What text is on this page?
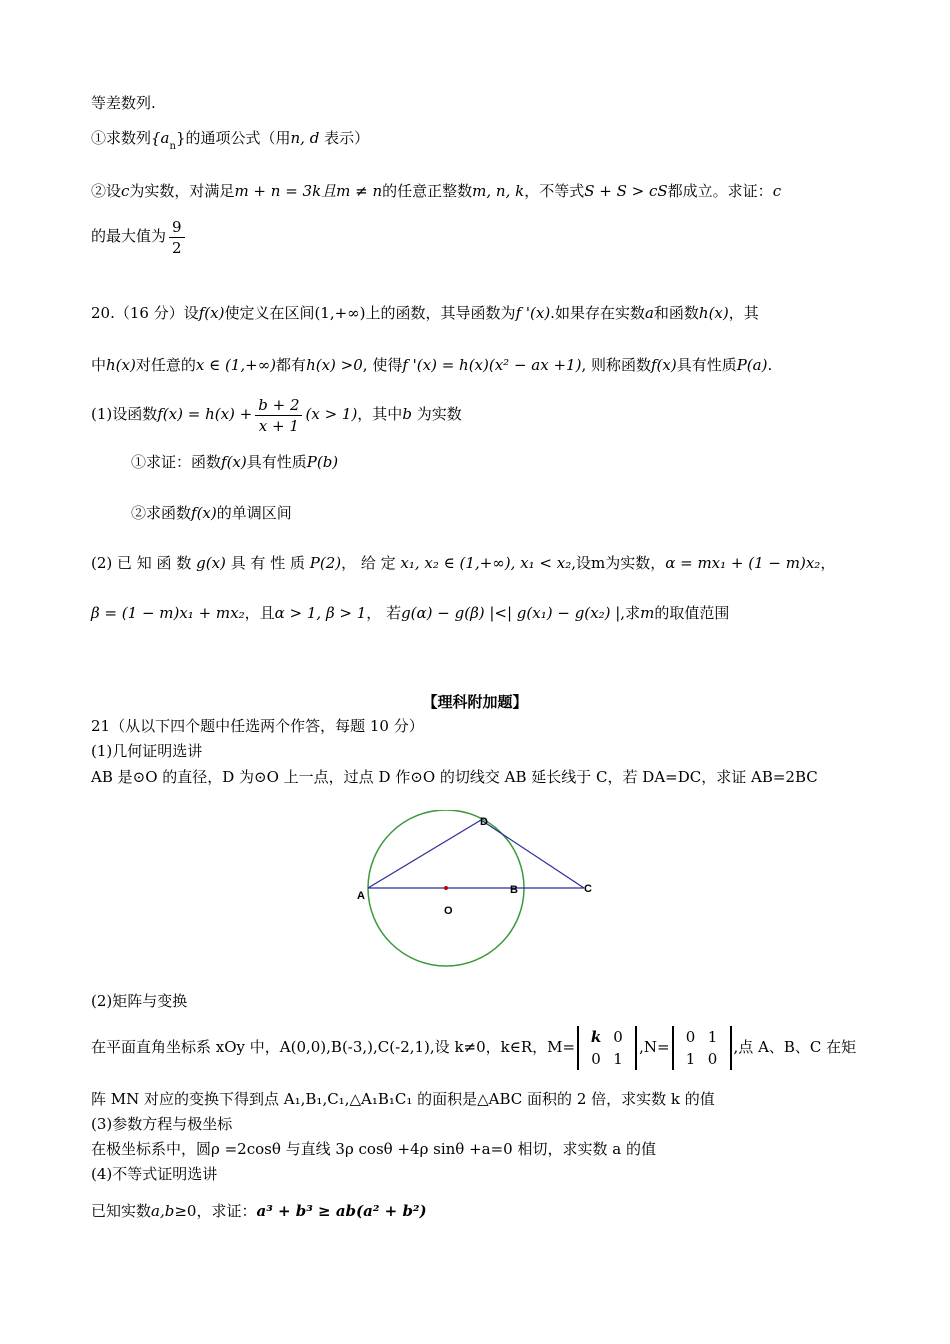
等差数列.
①求数列$\{a_n\}$的通项公式（用n, d 表示）
②设c为实数，对满足m + n = 3k且m ≠ n的任意正整数m, n, k，不等式S + S > cS都成立。求证：c
的最大值为 $\frac{9}{2}$
20.（16 分）设f(x)使定义在区间(1,+∞)上的函数，其导函数为f '(x).如果存在实数a和函数h(x)，其
中h(x)对任意的x ∈ (1,+∞)都有h(x) >0, 使得f '(x) = h(x)(x² − ax +1), 则称函数f(x)具有性质P(a).
(1)设函数$f(x) = h(x) + \frac{b + 2}{x + 1} (x > 1)$，其中b 为实数
①求证：函数f(x)具有性质P(b)
②求函数f(x)的单调区间
(2) 已 知 函 数 g(x) 具 有 性 质 P(2)， 给 定 x₁, x₂ ∈ (1,+∞), x₁ < x₂,设m为实数，α = mx₁ + (1 − m)x₂，
β = (1 − m)x₁ + mx₂，且α > 1, β > 1， 若g(α) − g(β) |<| g(x₁) − g(x₂) |,求m的取值范围
【理科附加题】
21（从以下四个题中任选两个作答，每题 10 分）
(1)几何证明选讲
AB 是⊙O 的直径，D 为⊙O 上一点，过点 D 作⊙O 的切线交 AB 延长线于 C，若 DA=DC，求证 AB=2BC
A	B	C
D
O
(2)矩阵与变换
在平面直角坐标系 xOy 中，A(0,0),B(-3,),C(-2,1),设 k≠0，k∈R，M=k 0
0 1,N=0 1
1 0,点 A、B、C 在矩
阵 MN 对应的变换下得到点 A₁,B₁,C₁,△A₁B₁C₁ 的面积是△ABC 面积的 2 倍，求实数 k 的值
(3)参数方程与极坐标
在极坐标系中，圆ρ =2cosθ 与直线 3ρ cosθ +4ρ sinθ +a=0 相切，求实数 a 的值
(4)不等式证明选讲
已知实数a,b≥0，求证：a³ + b³ ≥ ab(a² + b²)
